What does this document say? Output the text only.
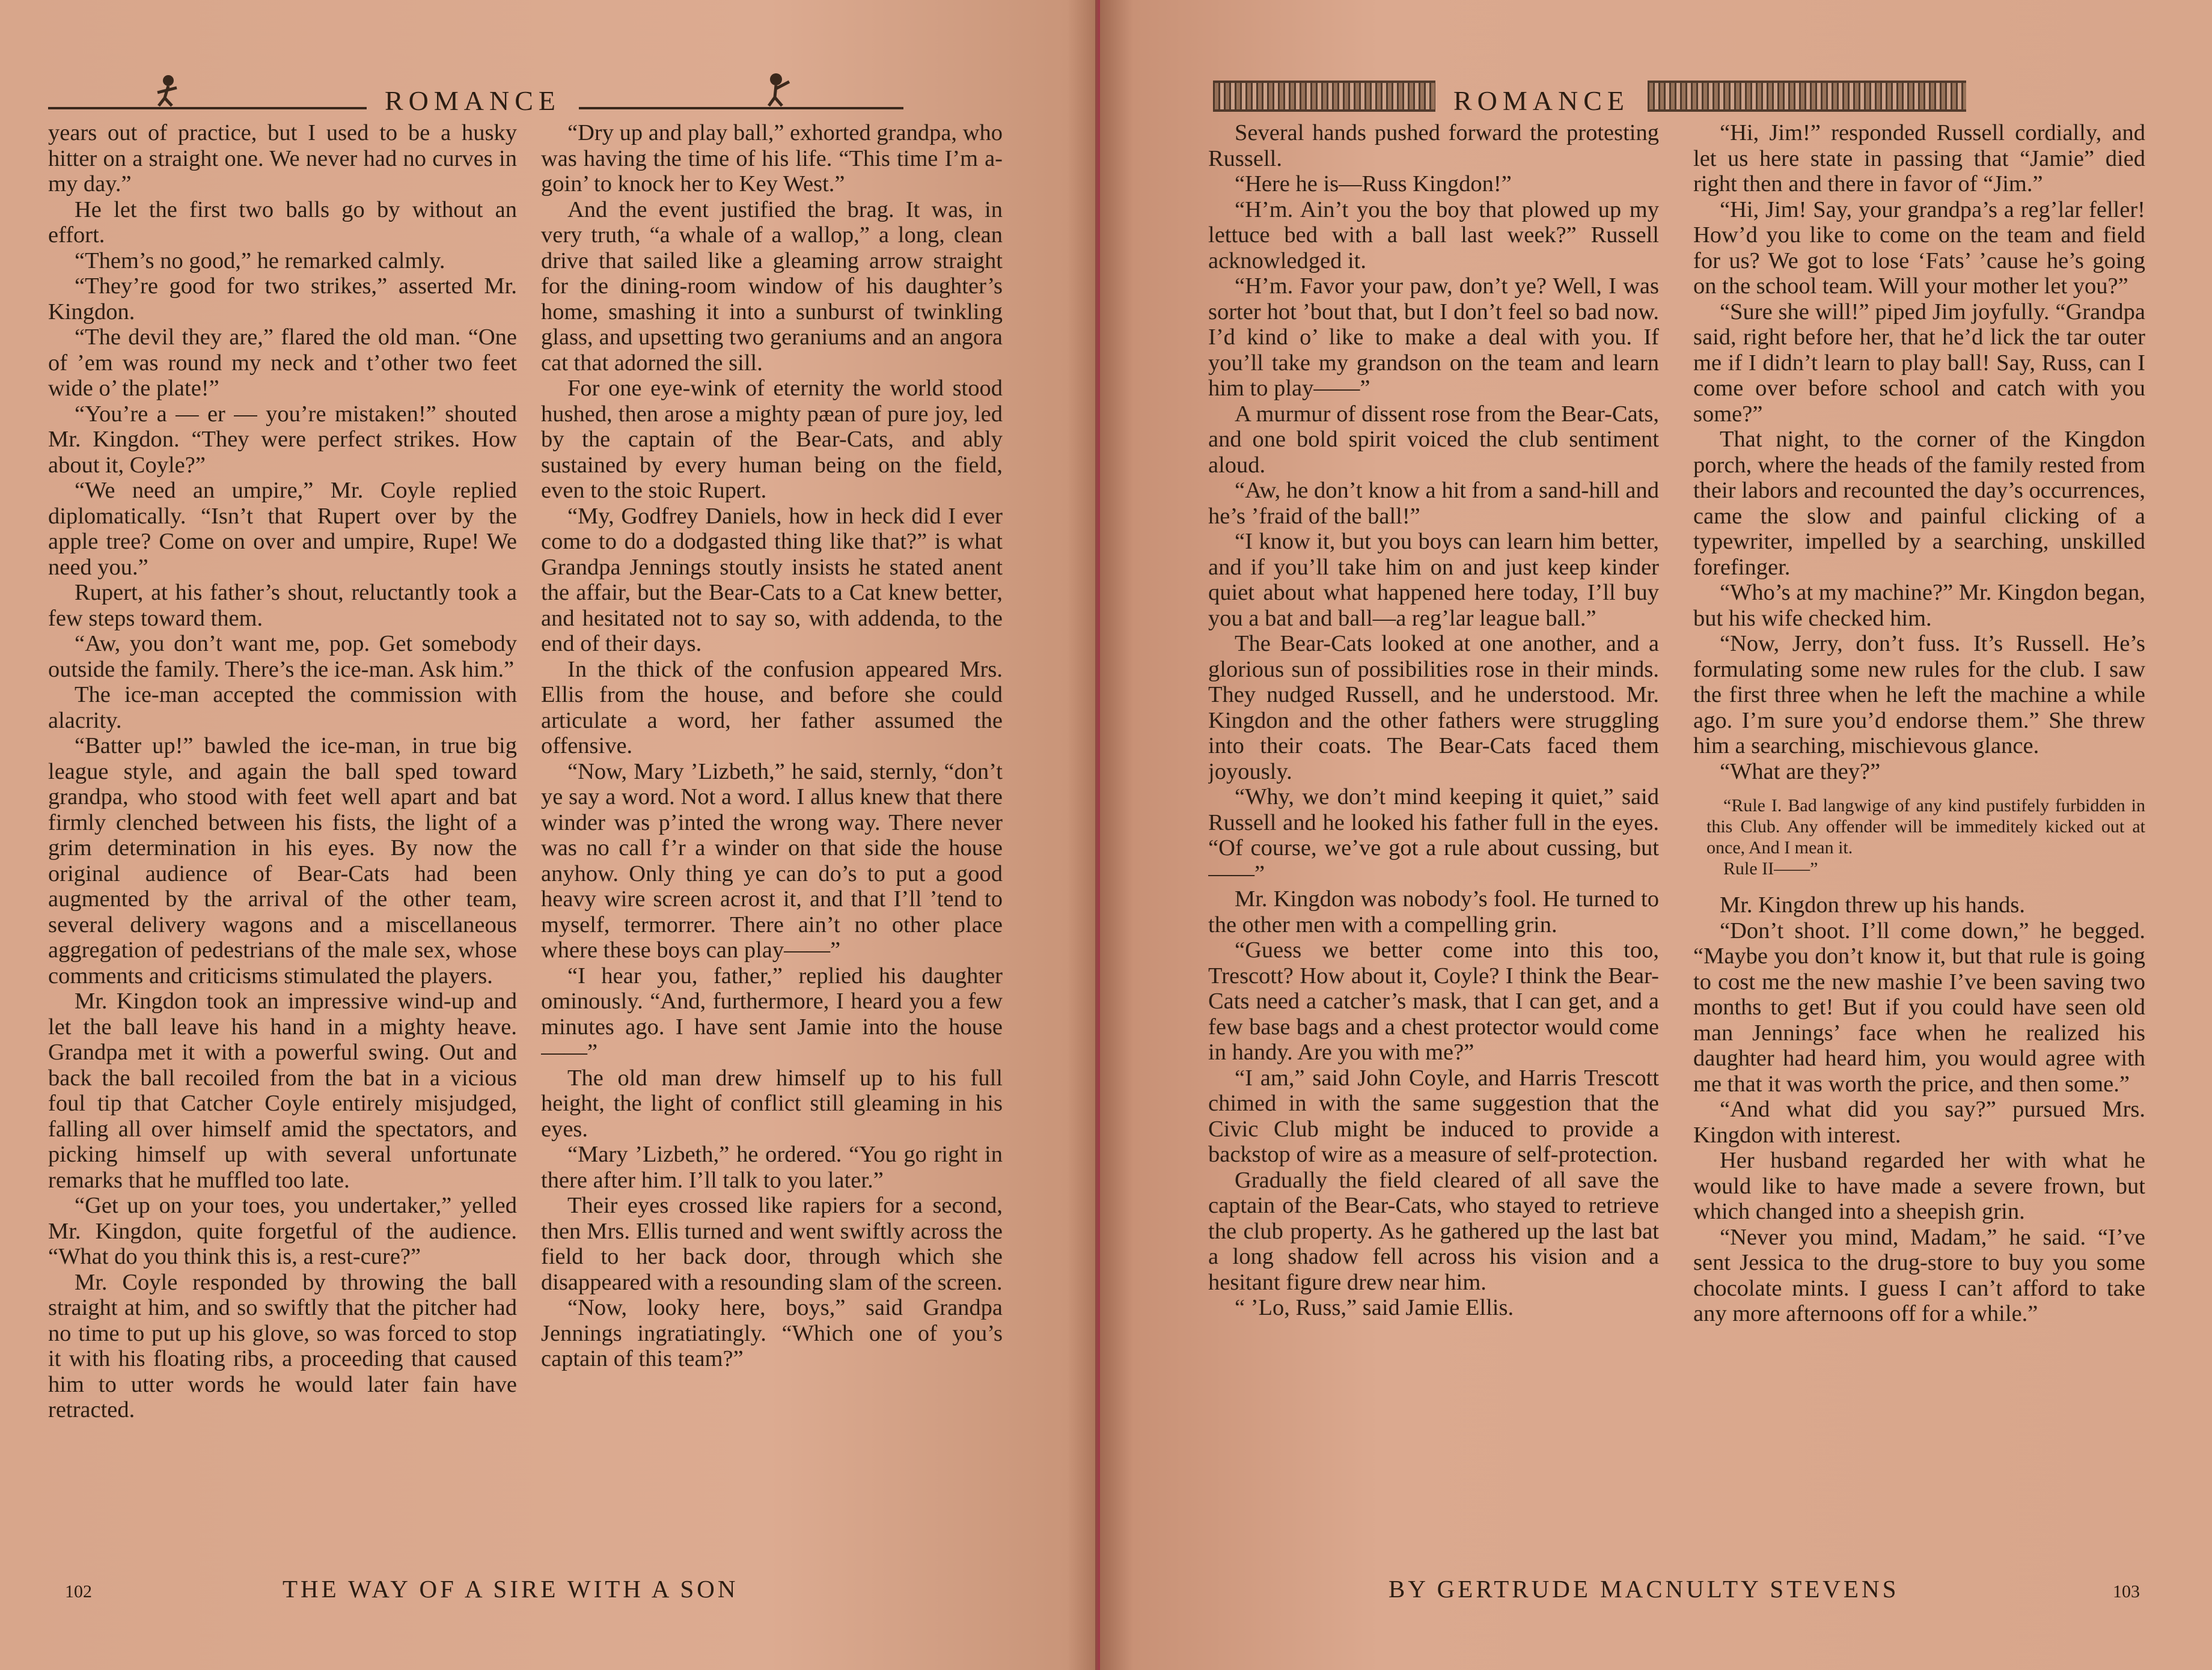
ROMANCE

years out of practice, but I used to be a husky hitter on a straight one. We never had no curves in my day.”

He let the first two balls go by without an effort.

“Them’s no good,” he remarked calmly.

“They’re good for two strikes,” asserted Mr. Kingdon.

“The devil they are,” flared the old man. “One of ’em was round my neck and t’other two feet wide o’ the plate!”

“You’re a — er — you’re mistaken!” shouted Mr. Kingdon. “They were perfect strikes. How about it, Coyle?”

“We need an umpire,” Mr. Coyle replied diplomatically. “Isn’t that Rupert over by the apple tree? Come on over and umpire, Rupe! We need you.”

Rupert, at his father’s shout, reluctantly took a few steps toward them.

“Aw, you don’t want me, pop. Get somebody outside the family. There’s the ice-man. Ask him.”

The ice-man accepted the commission with alacrity.

“Batter up!” bawled the ice-man, in true big league style, and again the ball sped toward grandpa, who stood with feet well apart and bat firmly clenched between his fists, the light of a grim determination in his eyes. By now the original audience of Bear-Cats had been augmented by the arrival of the other team, several delivery wagons and a miscellaneous aggregation of pedestrians of the male sex, whose comments and criticisms stimulated the players.

Mr. Kingdon took an impressive wind-up and let the ball leave his hand in a mighty heave. Grandpa met it with a powerful swing. Out and back the ball recoiled from the bat in a vicious foul tip that Catcher Coyle entirely misjudged, falling all over himself amid the spectators, and picking himself up with several unfortunate remarks that he muffled too late.

“Get up on your toes, you undertaker,” yelled Mr. Kingdon, quite forgetful of the audience. “What do you think this is, a rest-cure?”

Mr. Coyle responded by throwing the ball straight at him, and so swiftly that the pitcher had no time to put up his glove, so was forced to stop it with his floating ribs, a proceeding that caused him to utter words he would later fain have retracted.

“Dry up and play ball,” exhorted grandpa, who was having the time of his life. “This time I’m a-goin’ to knock her to Key West.”

And the event justified the brag. It was, in very truth, “a whale of a wallop,” a long, clean drive that sailed like a gleaming arrow straight for the dining-room window of his daughter’s home, smashing it into a sunburst of twinkling glass, and upsetting two geraniums and an angora cat that adorned the sill.

For one eye-wink of eternity the world stood hushed, then arose a mighty pæan of pure joy, led by the captain of the Bear-Cats, and ably sustained by every human being on the field, even to the stoic Rupert.

“My, Godfrey Daniels, how in heck did I ever come to do a dodgasted thing like that?” is what Grandpa Jennings stoutly insists he stated anent the affair, but the Bear-Cats to a Cat knew better, and hesitated not to say so, with addenda, to the end of their days.

In the thick of the confusion appeared Mrs. Ellis from the house, and before she could articulate a word, her father assumed the offensive.

“Now, Mary ’Lizbeth,” he said, sternly, “don’t ye say a word. Not a word. I allus knew that there winder was p’inted the wrong way. There never was no call f’r a winder on that side the house anyhow. Only thing ye can do’s to put a good heavy wire screen acrost it, and that I’ll ’tend to myself, termorrer. There ain’t no other place where these boys can play——”

“I hear you, father,” replied his daughter ominously. “And, furthermore, I heard you a few minutes ago. I have sent Jamie into the house——”

The old man drew himself up to his full height, the light of conflict still gleaming in his eyes.

“Mary ’Lizbeth,” he ordered. “You go right in there after him. I’ll talk to you later.”

Their eyes crossed like rapiers for a second, then Mrs. Ellis turned and went swiftly across the field to her back door, through which she disappeared with a resounding slam of the screen.

“Now, looky here, boys,” said Grandpa Jennings ingratiatingly. “Which one of you’s captain of this team?”

102	THE WAY OF A SIRE WITH A SON
ROMANCE

Several hands pushed forward the protesting Russell.

“Here he is—Russ Kingdon!”

“H’m. Ain’t you the boy that plowed up my lettuce bed with a ball last week?” Russell acknowledged it.

“H’m. Favor your paw, don’t ye? Well, I was sorter hot ’bout that, but I don’t feel so bad now. I’d kind o’ like to make a deal with you. If you’ll take my grandson on the team and learn him to play——”

A murmur of dissent rose from the Bear-Cats, and one bold spirit voiced the club sentiment aloud.

“Aw, he don’t know a hit from a sand-hill and he’s ’fraid of the ball!”

“I know it, but you boys can learn him better, and if you’ll take him on and just keep kinder quiet about what happened here today, I’ll buy you a bat and ball—a reg’lar league ball.”

The Bear-Cats looked at one another, and a glorious sun of possibilities rose in their minds. They nudged Russell, and he understood. Mr. Kingdon and the other fathers were struggling into their coats. The Bear-Cats faced them joyously.

“Why, we don’t mind keeping it quiet,” said Russell and he looked his father full in the eyes. “Of course, we’ve got a rule about cussing, but——”

Mr. Kingdon was nobody’s fool. He turned to the other men with a compelling grin.

“Guess we better come into this too, Trescott? How about it, Coyle? I think the Bear-Cats need a catcher’s mask, that I can get, and a few base bags and a chest protector would come in handy. Are you with me?”

“I am,” said John Coyle, and Harris Trescott chimed in with the same suggestion that the Civic Club might be induced to provide a backstop of wire as a measure of self-protection.

Gradually the field cleared of all save the captain of the Bear-Cats, who stayed to retrieve the club property. As he gathered up the last bat a long shadow fell across his vision and a hesitant figure drew near him.

“ ’Lo, Russ,” said Jamie Ellis.

“Hi, Jim!” responded Russell cordially, and let us here state in passing that “Jamie” died right then and there in favor of “Jim.”

“Hi, Jim! Say, your grandpa’s a reg’lar feller! How’d you like to come on the team and field for us? We got to lose ‘Fats’ ’cause he’s going on the school team. Will your mother let you?”

“Sure she will!” piped Jim joyfully. “Grandpa said, right before her, that he’d lick the tar outer me if I didn’t learn to play ball! Say, Russ, can I come over before school and catch with you some?”

That night, to the corner of the Kingdon porch, where the heads of the family rested from their labors and recounted the day’s occurrences, came the slow and painful clicking of a typewriter, impelled by a searching, unskilled forefinger.

“Who’s at my machine?” Mr. Kingdon began, but his wife checked him.

“Now, Jerry, don’t fuss. It’s Russell. He’s formulating some new rules for the club. I saw the first three when he left the machine a while ago. I’m sure you’d endorse them.” She threw him a searching, mischievous glance.

“What are they?”

“Rule I. Bad langwige of any kind pustifely furbidden in this Club. Any offender will be immeditely kicked out at once, And I mean it.
Rule II——”

Mr. Kingdon threw up his hands.

“Don’t shoot. I’ll come down,” he begged. “Maybe you don’t know it, but that rule is going to cost me the new mashie I’ve been saving two months to get! But if you could have seen old man Jennings’ face when he realized his daughter had heard him, you would agree with me that it was worth the price, and then some.”

“And what did you say?” pursued Mrs. Kingdon with interest.

Her husband regarded her with what he would like to have made a severe frown, but which changed into a sheepish grin.

“Never you mind, Madam,” he said. “I’ve sent Jessica to the drug-store to buy you some chocolate mints. I guess I can’t afford to take any more afternoons off for a while.”

BY GERTRUDE MACNULTY STEVENS	103
